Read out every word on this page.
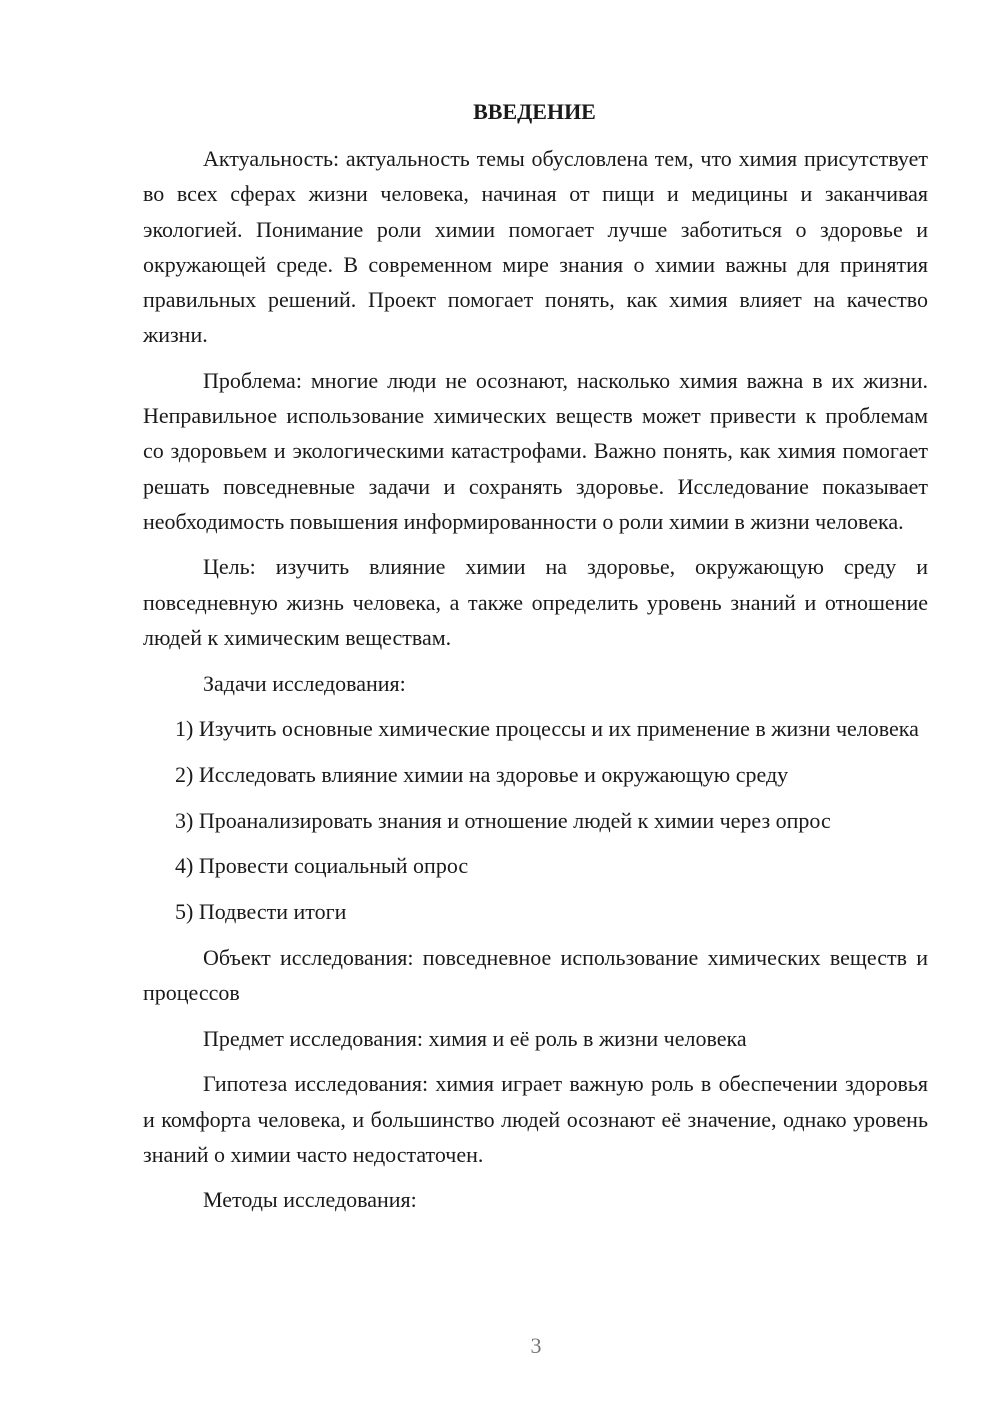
ВВЕДЕНИЕ
Актуальность: актуальность темы обусловлена тем, что химия присутствует во всех сферах жизни человека, начиная от пищи и медицины и заканчивая экологией. Понимание роли химии помогает лучше заботиться о здоровье и окружающей среде. В современном мире знания о химии важны для принятия правильных решений. Проект помогает понять, как химия влияет на качество жизни.
Проблема: многие люди не осознают, насколько химия важна в их жизни. Неправильное использование химических веществ может привести к проблемам со здоровьем и экологическими катастрофами. Важно понять, как химия помогает решать повседневные задачи и сохранять здоровье. Исследование показывает необходимость повышения информированности о роли химии в жизни человека.
Цель: изучить влияние химии на здоровье, окружающую среду и повседневную жизнь человека, а также определить уровень знаний и отношение людей к химическим веществам.
Задачи исследования:
1) Изучить основные химические процессы и их применение в жизни человека
2) Исследовать влияние химии на здоровье и окружающую среду
3) Проанализировать знания и отношение людей к химии через опрос
4) Провести социальный опрос
5) Подвести итоги
Объект исследования: повседневное использование химических веществ и процессов
Предмет исследования: химия и её роль в жизни человека
Гипотеза исследования: химия играет важную роль в обеспечении здоровья и комфорта человека, и большинство людей осознают её значение, однако уровень знаний о химии часто недостаточен.
Методы исследования:
3
